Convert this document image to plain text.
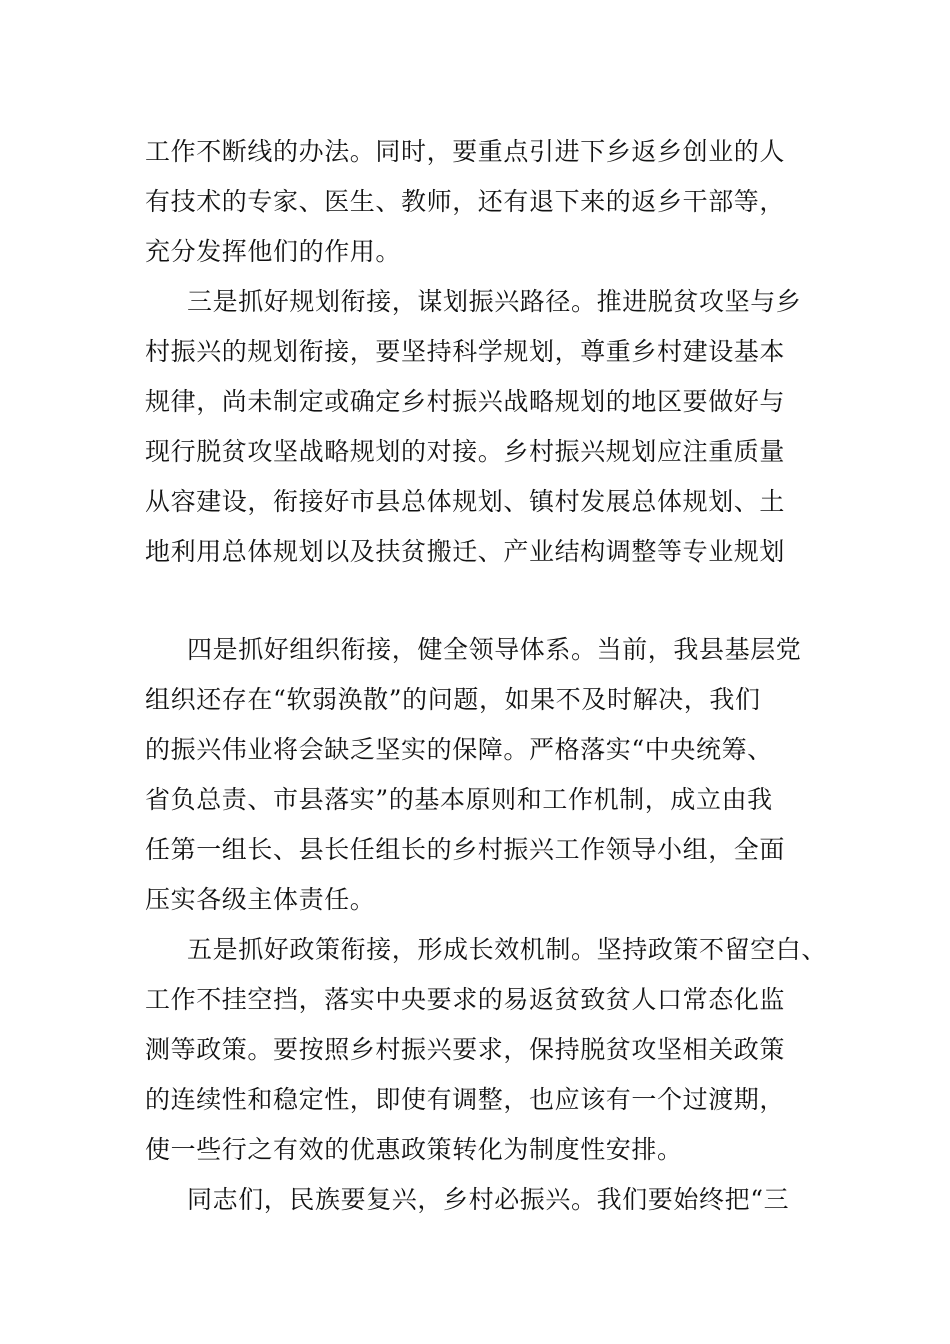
工作不断线的办法。同时，要重点引进下乡返乡创业的人
有技术的专家、医生、教师，还有退下来的返乡干部等，
充分发挥他们的作用。
三是抓好规划衔接，谋划振兴路径。推进脱贫攻坚与乡
村振兴的规划衔接，要坚持科学规划，尊重乡村建设基本
规律，尚未制定或确定乡村振兴战略规划的地区要做好与
现行脱贫攻坚战略规划的对接。乡村振兴规划应注重质量
从容建设，衔接好市县总体规划、镇村发展总体规划、土
地利用总体规划以及扶贫搬迁、产业结构调整等专业规划
四是抓好组织衔接，健全领导体系。当前，我县基层党
组织还存在“软弱涣散”的问题，如果不及时解决，我们
的振兴伟业将会缺乏坚实的保障。严格落实“中央统筹、
省负总责、市县落实”的基本原则和工作机制，成立由我
任第一组长、县长任组长的乡村振兴工作领导小组，全面
压实各级主体责任。
五是抓好政策衔接，形成长效机制。坚持政策不留空白、
工作不挂空挡，落实中央要求的易返贫致贫人口常态化监
测等政策。要按照乡村振兴要求，保持脱贫攻坚相关政策
的连续性和稳定性，即使有调整，也应该有一个过渡期，
使一些行之有效的优惠政策转化为制度性安排。
同志们，民族要复兴，乡村必振兴。我们要始终把“三
